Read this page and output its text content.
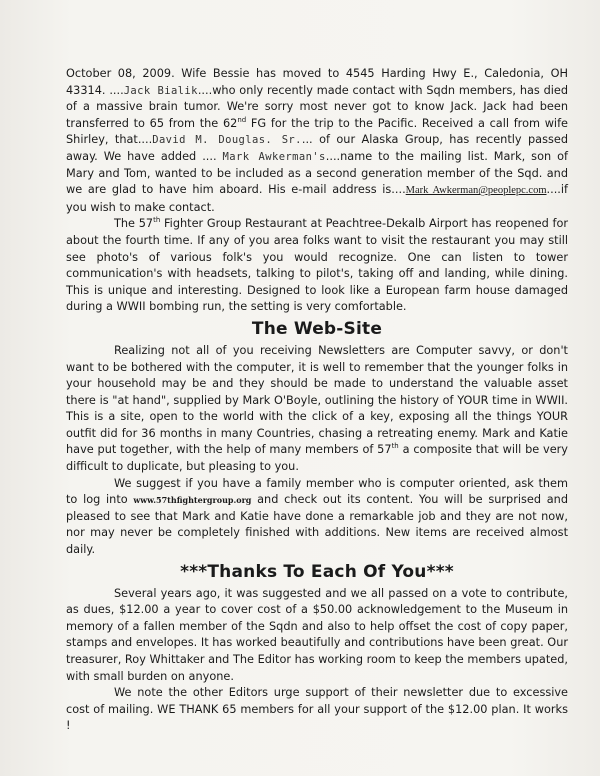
October 08, 2009. Wife Bessie has moved to 4545 Harding Hwy E., Caledonia, OH 43314. ....Jack Bialik....who only recently made contact with Sqdn members, has died of a massive brain tumor. We're sorry most never got to know Jack. Jack had been transferred to 65 from the 62nd FG for the trip to the Pacific. Received a call from wife Shirley, that....David M. Douglas. Sr.... of our Alaska Group, has recently passed away. We have added .... Mark Awkerman's....name to the mailing list. Mark, son of Mary and Tom, wanted to be included as a second generation member of the Sqd. and we are glad to have him aboard. His e-mail address is....Mark Awkerman@peoplepc.com....if you wish to make contact.

The 57th Fighter Group Restaurant at Peachtree-Dekalb Airport has reopened for about the fourth time. If any of you area folks want to visit the restaurant you may still see photo's of various folk's you would recognize. One can listen to tower communication's with headsets, talking to pilot's, taking off and landing, while dining. This is unique and interesting. Designed to look like a European farm house damaged during a WWII bombing run, the setting is very comfortable.

The Web-Site

Realizing not all of you receiving Newsletters are Computer savvy, or don't want to be bothered with the computer, it is well to remember that the younger folks in your household may be and they should be made to understand the valuable asset there is "at hand", supplied by Mark O'Boyle, outlining the history of YOUR time in WWII. This is a site, open to the world with the click of a key, exposing all the things YOUR outfit did for 36 months in many Countries, chasing a retreating enemy. Mark and Katie have put together, with the help of many members of 57th a composite that will be very difficult to duplicate, but pleasing to you.

We suggest if you have a family member who is computer oriented, ask them to log into www.57thfightergroup.org and check out its content. You will be surprised and pleased to see that Mark and Katie have done a remarkable job and they are not now, nor may never be completely finished with additions. New items are received almost daily.

***Thanks To Each Of You***

Several years ago, it was suggested and we all passed on a vote to contribute, as dues, $12.00 a year to cover cost of a $50.00 acknowledgement to the Museum in memory of a fallen member of the Sqdn and also to help offset the cost of copy paper, stamps and envelopes. It has worked beautifully and contributions have been great. Our treasurer, Roy Whittaker and The Editor has working room to keep the members upated, with small burden on anyone.

We note the other Editors urge support of their newsletter due to excessive cost of mailing. WE THANK 65 members for all your support of the $12.00 plan. It works !
